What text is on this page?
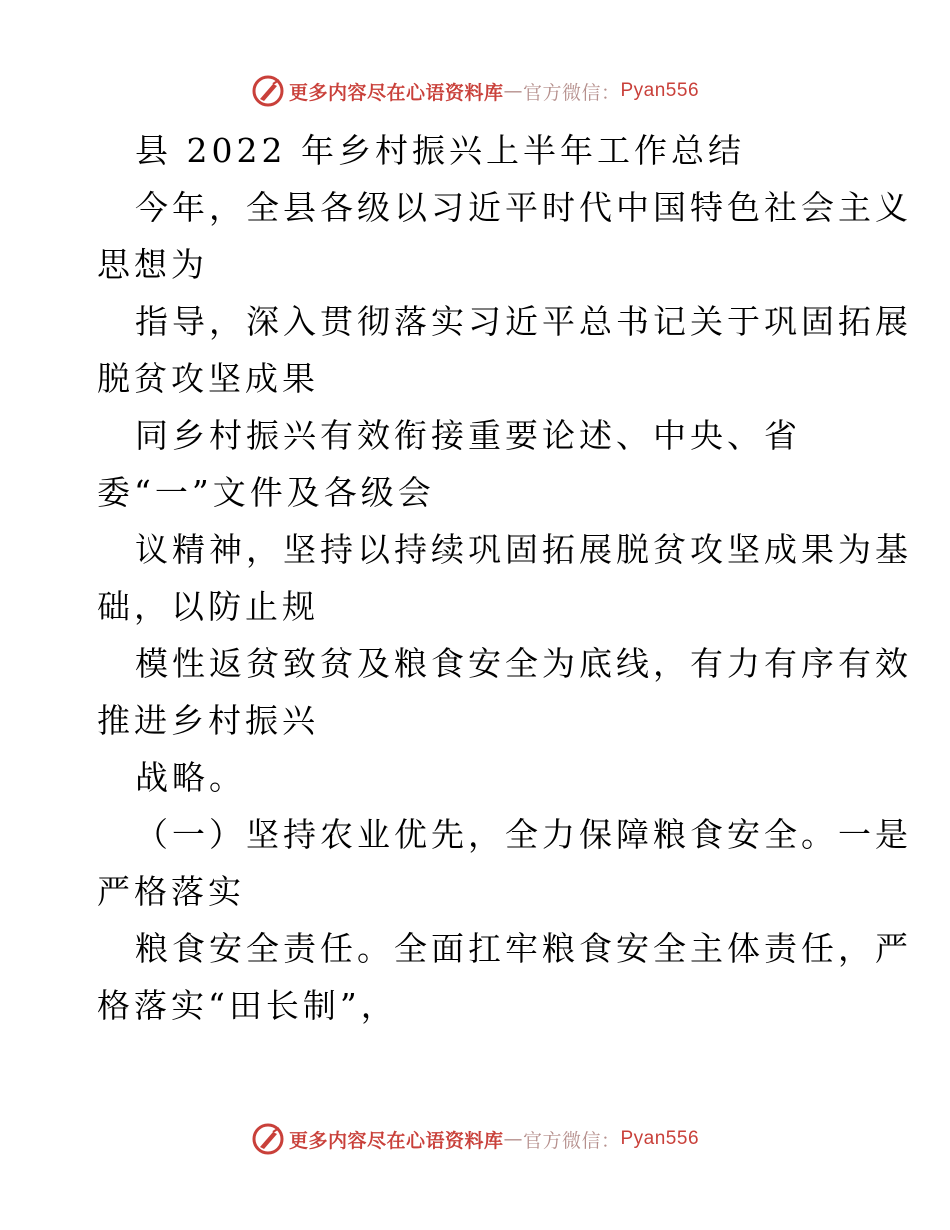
更多内容尽在心语资料库 — 官方微信： Pyan556
县 2022 年乡村振兴上半年工作总结
今年，全县各级以习近平时代中国特色社会主义
思想为
指导，深入贯彻落实习近平总书记关于巩固拓展
脱贫攻坚成果
同乡村振兴有效衔接重要论述、中央、省
委“一”文件及各级会
议精神，坚持以持续巩固拓展脱贫攻坚成果为基
础，以防止规
模性返贫致贫及粮食安全为底线，有力有序有效
推进乡村振兴
战略。
（一）坚持农业优先，全力保障粮食安全。一是
严格落实
粮食安全责任。全面扛牢粮食安全主体责任，严
格落实“田长制”，
更多内容尽在心语资料库 — 官方微信： Pyan556
